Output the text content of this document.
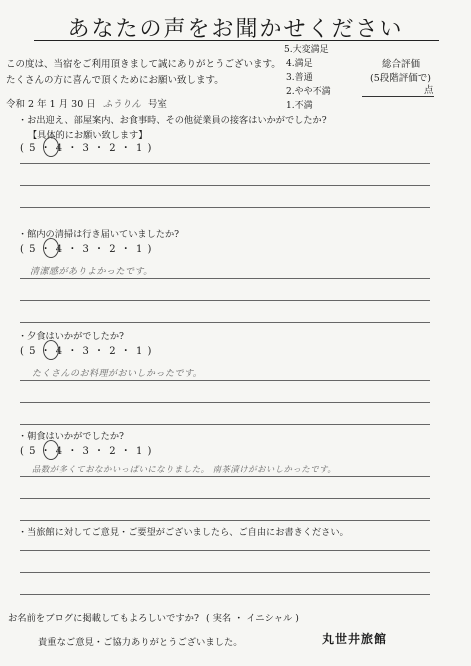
あなたの声をお聞かせください
この度は、当宿をご利用頂きまして誠にありがとうございます。
たくさんの方に喜んで頂くためにお願い致します。
5.大変満足
4.満足
3.普通
2.やや不満
1.不満
総合評価
(5段階評価で)
点
令和 2 年 1 月 30 日 ふうりん 号室
・お出迎え、部屋案内、お食事時、その他従業員の接客はいかがでしたか?
【具体的にお願い致します】
( 5 ・ 4 ・ 3 ・ 2 ・ 1 )
・館内の清掃は行き届いていましたか?
( 5 ・ 4 ・ 3 ・ 2 ・ 1 )
清潔感がありよかったです。
・夕食はいかがでしたか?
( 5 ・ 4 ・ 3 ・ 2 ・ 1 )
たくさんのお料理がおいしかったです。
・朝食はいかがでしたか?
( 5 ・ 4 ・ 3 ・ 2 ・ 1 )
品数が多くておなかいっぱいになりました。 南茶漬けがおいしかったです。
・当旅館に対してご意見・ご要望がございましたら、ご自由にお書きください。
お名前をブログに掲載してもよろしいですか? ( 実名 ・ イニシャル )
貴重なご意見・ご協力ありがとうございました。	丸世井旅館
